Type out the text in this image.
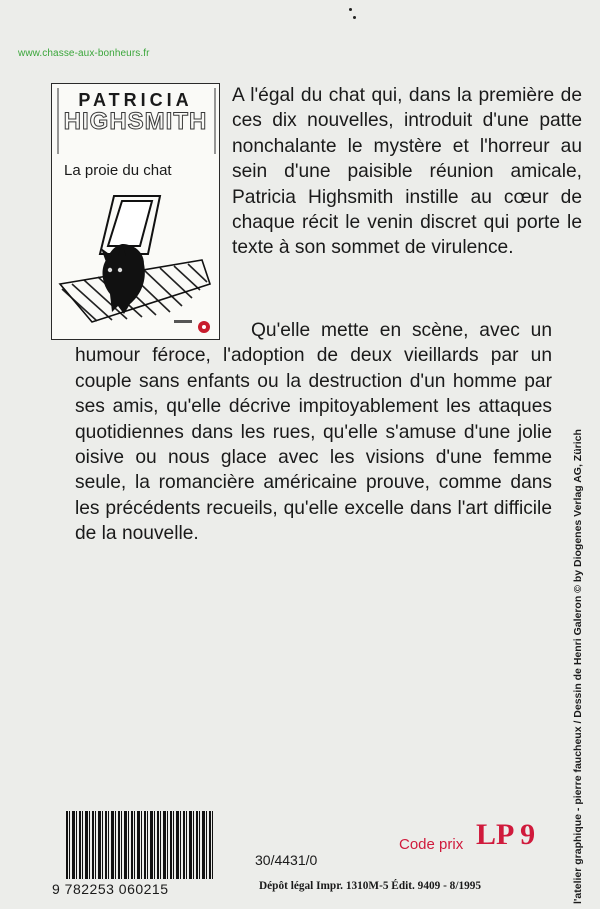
www.chasse-aux-bonheurs.fr
PATRICIA
HIGHSMITH
La proie du chat

A l'égal du chat qui, dans la première de ces dix nouvelles, introduit d'une patte nonchalante le mystère et l'horreur au sein d'une paisible réunion amicale, Patricia Highsmith instille au cœur de chaque récit le venin discret qui porte le texte à son sommet de virulence.

Qu'elle mette en scène, avec un humour féroce, l'adoption de deux vieillards par un couple sans enfants ou la destruction d'un homme par ses amis, qu'elle décrive impitoyablement les attaques quotidiennes dans les rues, qu'elle s'amuse d'une jolie oisive ou nous glace avec les visions d'une femme seule, la romancière américaine prouve, comme dans les précédents recueils, qu'elle excelle dans l'art difficile de la nouvelle.	l'atelier graphique - pierre faucheux / Dessin de Henri Galeron © by Diogenes Verlag AG, Zürich
9 782253 060215
Code prix LP 9
30/4431/0
Dépôt légal Impr. 1310M-5 Édit. 9409 - 8/1995
